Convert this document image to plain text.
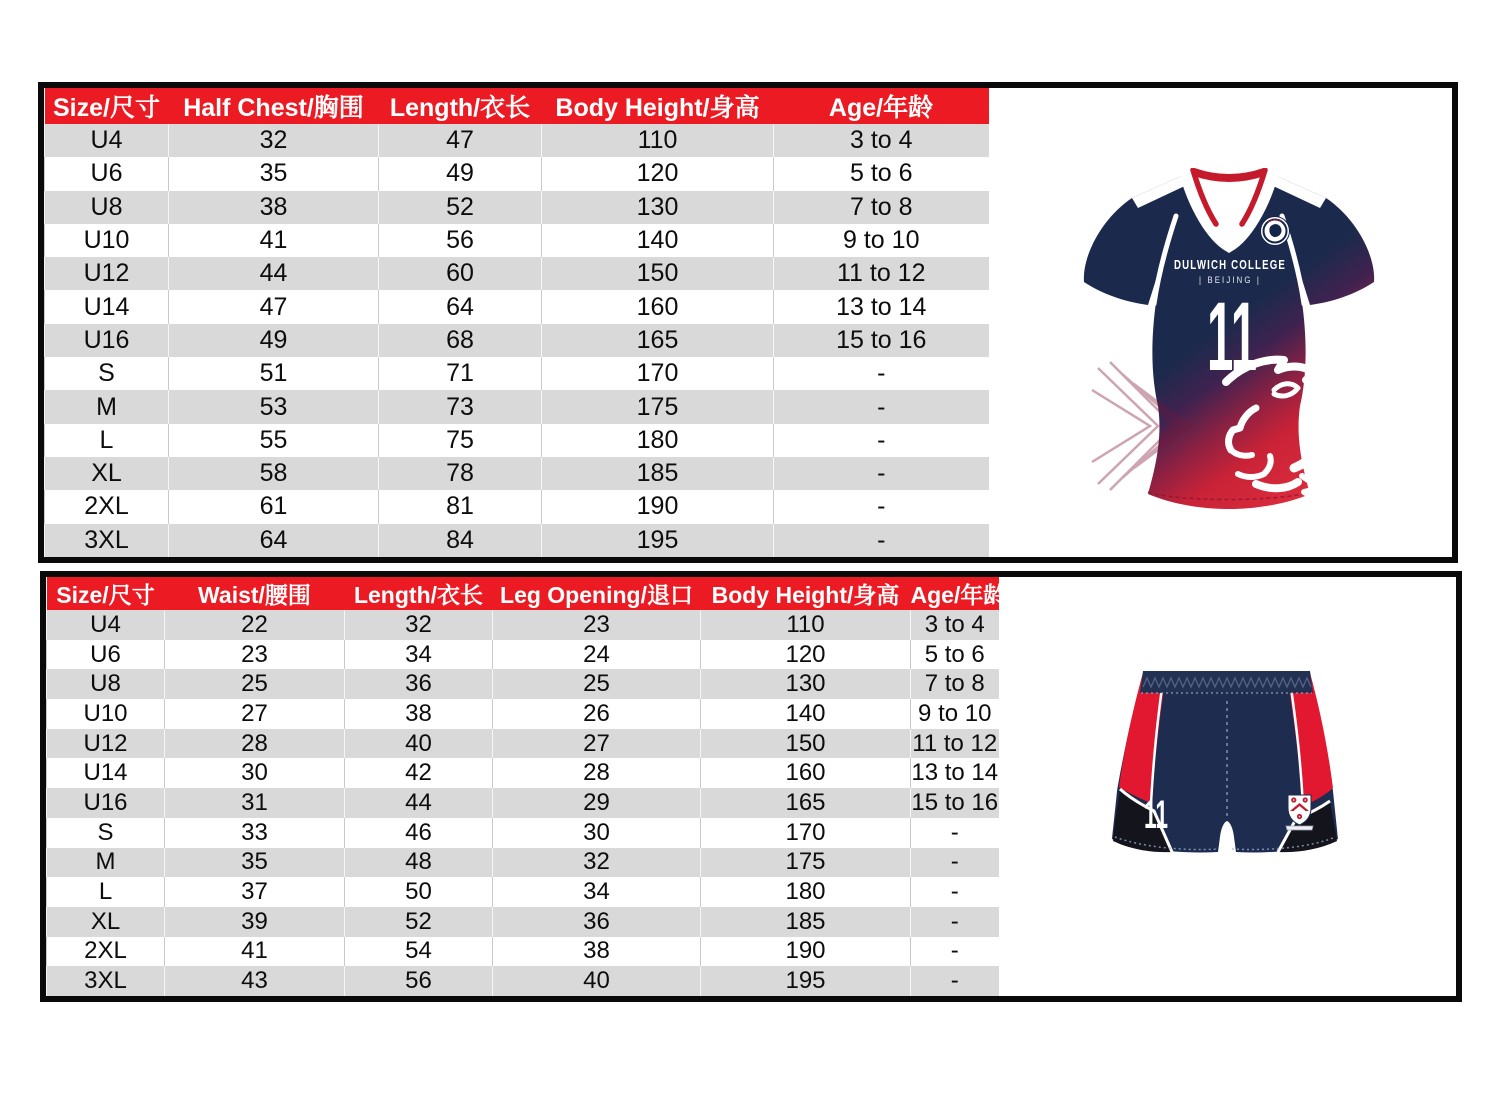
Size/尺寸	Half Chest/胸围	Length/衣长	Body Height/身高	Age/年龄
U4	32	47	110	3 to 4
U6	35	49	120	5 to 6
U8	38	52	130	7 to 8
U10	41	56	140	9 to 10
U12	44	60	150	11 to 12
U14	47	64	160	13 to 14
U16	49	68	165	15 to 16
S	51	71	170	-
M	53	73	175	-
L	55	75	180	-
XL	58	78	185	-
2XL	61	81	190	-
3XL	64	84	195	-
DULWICH COLLEGE
| BEIJING |
11
Size/尺寸	Waist/腰围	Length/衣长	Leg Opening/退口	Body Height/身高	Age/年龄
U4	22	32	23	110	3 to 4
U6	23	34	24	120	5 to 6
U8	25	36	25	130	7 to 8
U10	27	38	26	140	9 to 10
U12	28	40	27	150	11 to 12
U14	30	42	28	160	13 to 14
U16	31	44	29	165	15 to 16
S	33	46	30	170	-
M	35	48	32	175	-
L	37	50	34	180	-
XL	39	52	36	185	-
2XL	41	54	38	190	-
3XL	43	56	40	195	-
11
